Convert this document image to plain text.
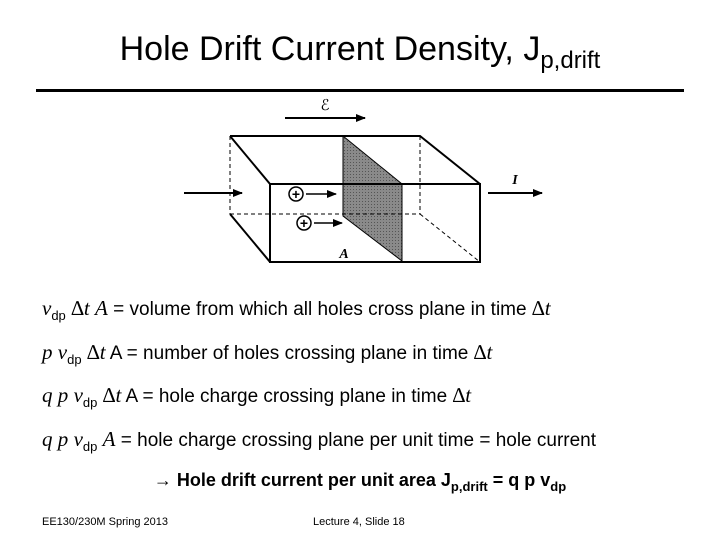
Hole Drift Current Density, $J_{p,drift}$
ℰ
+
+
I
A
$v_{dp}$ ∆t A = volume from which all holes cross plane in time ∆t
p $v_{dp}$ ∆t A = number of holes crossing plane in time ∆t
q p $v_{dp}$ ∆t A = hole charge crossing plane in time ∆t
q p $v_{dp}$ A = hole charge crossing plane per unit time = hole current
→ Hole drift current per unit area $J_{p,drift} = q$ p $v_{dp}$
EE130/230M Spring 2013	Lecture 4, Slide 18
